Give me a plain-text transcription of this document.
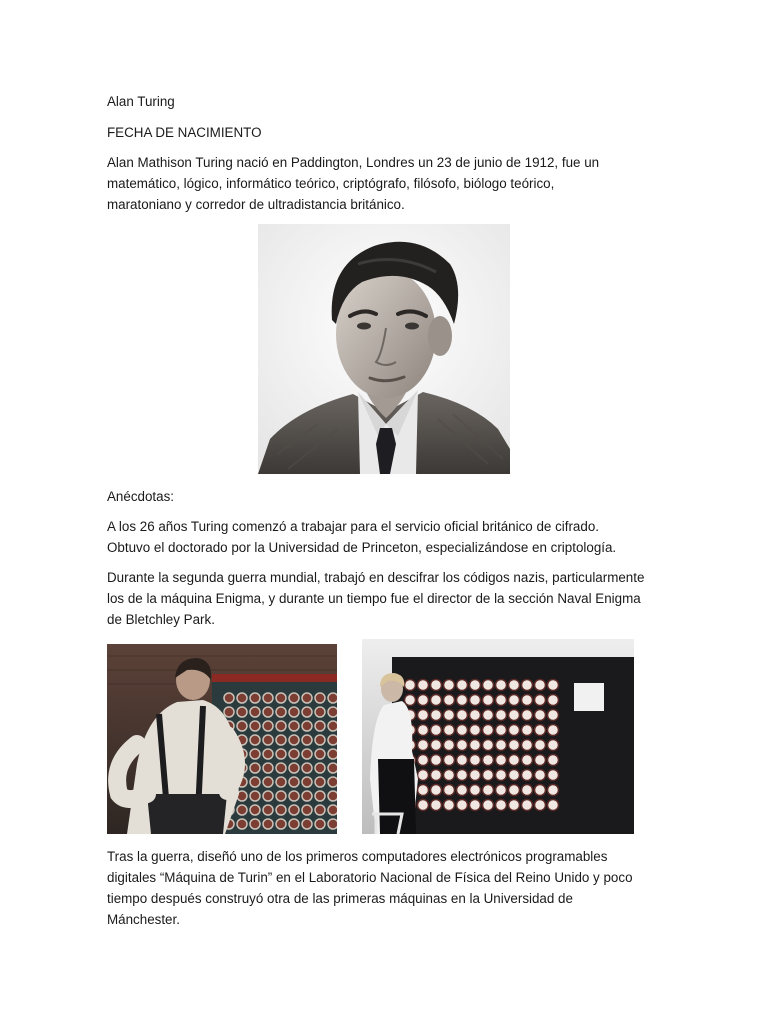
Alan Turing

FECHA DE NACIMIENTO

Alan Mathison Turing nació en Paddington, Londres un 23 de junio de 1912, fue un
matemático, lógico, informático teórico, criptógrafo, filósofo, biólogo teórico,
maratoniano y corredor de ultradistancia británico.

Anécdotas:

A los 26 años Turing comenzó a trabajar para el servicio oficial británico de cifrado.
Obtuvo el doctorado por la Universidad de Princeton, especializándose en criptología.

Durante la segunda guerra mundial, trabajó en descifrar los códigos nazis, particularmente
los de la máquina Enigma, y durante un tiempo fue el director de la sección Naval Enigma
de Bletchley Park.

Tras la guerra, diseñó uno de los primeros computadores electrónicos programables
digitales “Máquina de Turin” en el Laboratorio Nacional de Física del Reino Unido y poco
tiempo después construyó otra de las primeras máquinas en la Universidad de
Mánchester.
